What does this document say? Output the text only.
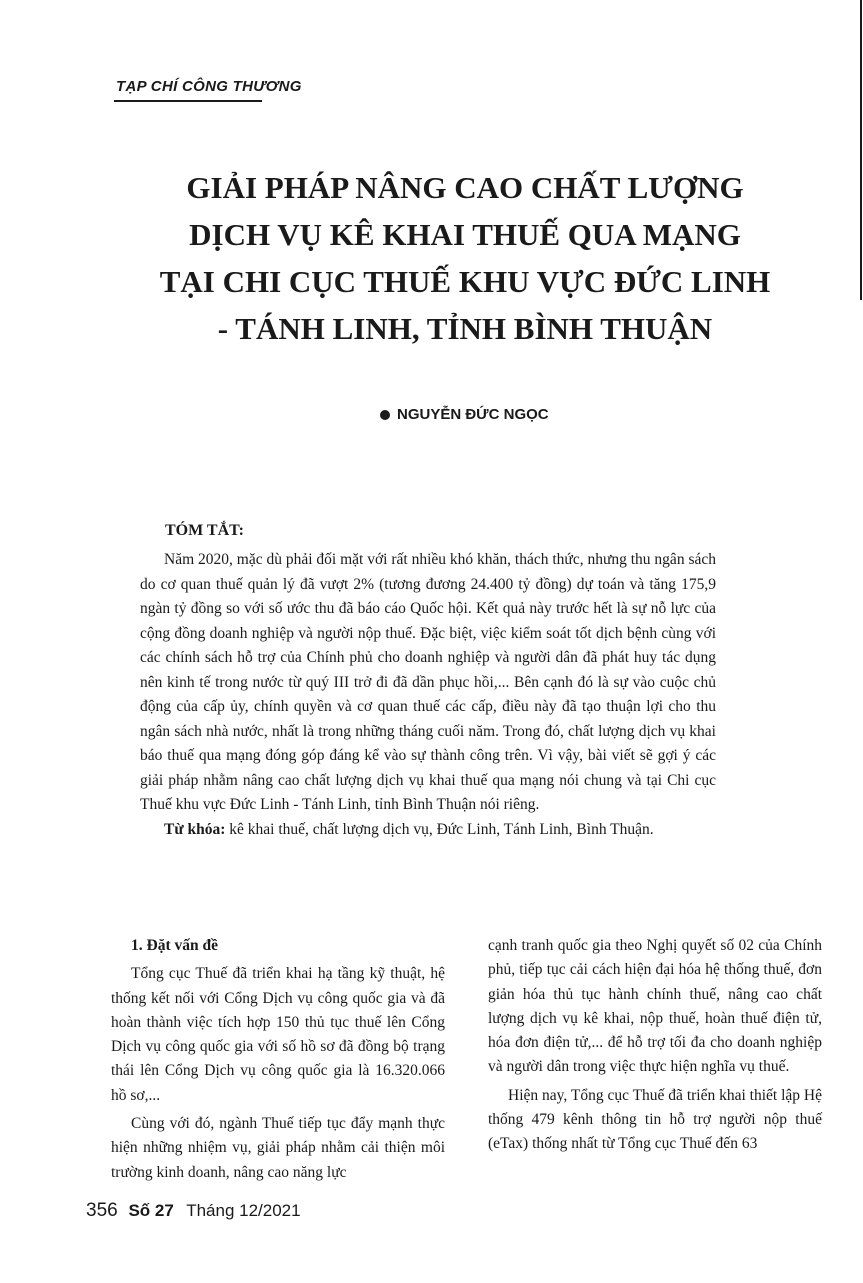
TẠP CHÍ CÔNG THƯƠNG
GIẢI PHÁP NÂNG CAO CHẤT LƯỢNG
DỊCH VỤ KÊ KHAI THUẾ QUA MẠNG
TẠI CHI CỤC THUẾ KHU VỰC ĐỨC LINH
- TÁNH LINH, TỈNH BÌNH THUẬN
NGUYỄN ĐỨC NGỌC
TÓM TẮT:

Năm 2020, mặc dù phải đối mặt với rất nhiều khó khăn, thách thức, nhưng thu ngân sách do cơ quan thuế quản lý đã vượt 2% (tương đương 24.400 tỷ đồng) dự toán và tăng 175,9 ngàn tỷ đồng so với số ước thu đã báo cáo Quốc hội. Kết quả này trước hết là sự nỗ lực của cộng đồng doanh nghiệp và người nộp thuế. Đặc biệt, việc kiểm soát tốt dịch bệnh cùng với các chính sách hỗ trợ của Chính phủ cho doanh nghiệp và người dân đã phát huy tác dụng nên kinh tế trong nước từ quý III trở đi đã dần phục hồi,... Bên cạnh đó là sự vào cuộc chủ động của cấp ủy, chính quyền và cơ quan thuế các cấp, điều này đã tạo thuận lợi cho thu ngân sách nhà nước, nhất là trong những tháng cuối năm. Trong đó, chất lượng dịch vụ khai báo thuế qua mạng đóng góp đáng kể vào sự thành công trên. Vì vậy, bài viết sẽ gợi ý các giải pháp nhằm nâng cao chất lượng dịch vụ khai thuế qua mạng nói chung và tại Chi cục Thuế khu vực Đức Linh - Tánh Linh, tỉnh Bình Thuận nói riêng.

Từ khóa: kê khai thuế, chất lượng dịch vụ, Đức Linh, Tánh Linh, Bình Thuận.

1. Đặt vấn đề

Tổng cục Thuế đã triển khai hạ tầng kỹ thuật, hệ thống kết nối với Cổng Dịch vụ công quốc gia và đã hoàn thành việc tích hợp 150 thủ tục thuế lên Cổng Dịch vụ công quốc gia với số hồ sơ đã đồng bộ trạng thái lên Cổng Dịch vụ công quốc gia là 16.320.066 hồ sơ,...

Cùng với đó, ngành Thuế tiếp tục đẩy mạnh thực hiện những nhiệm vụ, giải pháp nhằm cải thiện môi trường kinh doanh, nâng cao năng lực

cạnh tranh quốc gia theo Nghị quyết số 02 của Chính phủ, tiếp tục cải cách hiện đại hóa hệ thống thuế, đơn giản hóa thủ tục hành chính thuế, nâng cao chất lượng dịch vụ kê khai, nộp thuế, hoàn thuế điện tử, hóa đơn điện tử,... để hỗ trợ tối đa cho doanh nghiệp và người dân trong việc thực hiện nghĩa vụ thuế.

Hiện nay, Tổng cục Thuế đã triển khai thiết lập Hệ thống 479 kênh thông tin hỗ trợ người nộp thuế (eTax) thống nhất từ Tổng cục Thuế đến 63

356 Số 27 Tháng 12/2021
